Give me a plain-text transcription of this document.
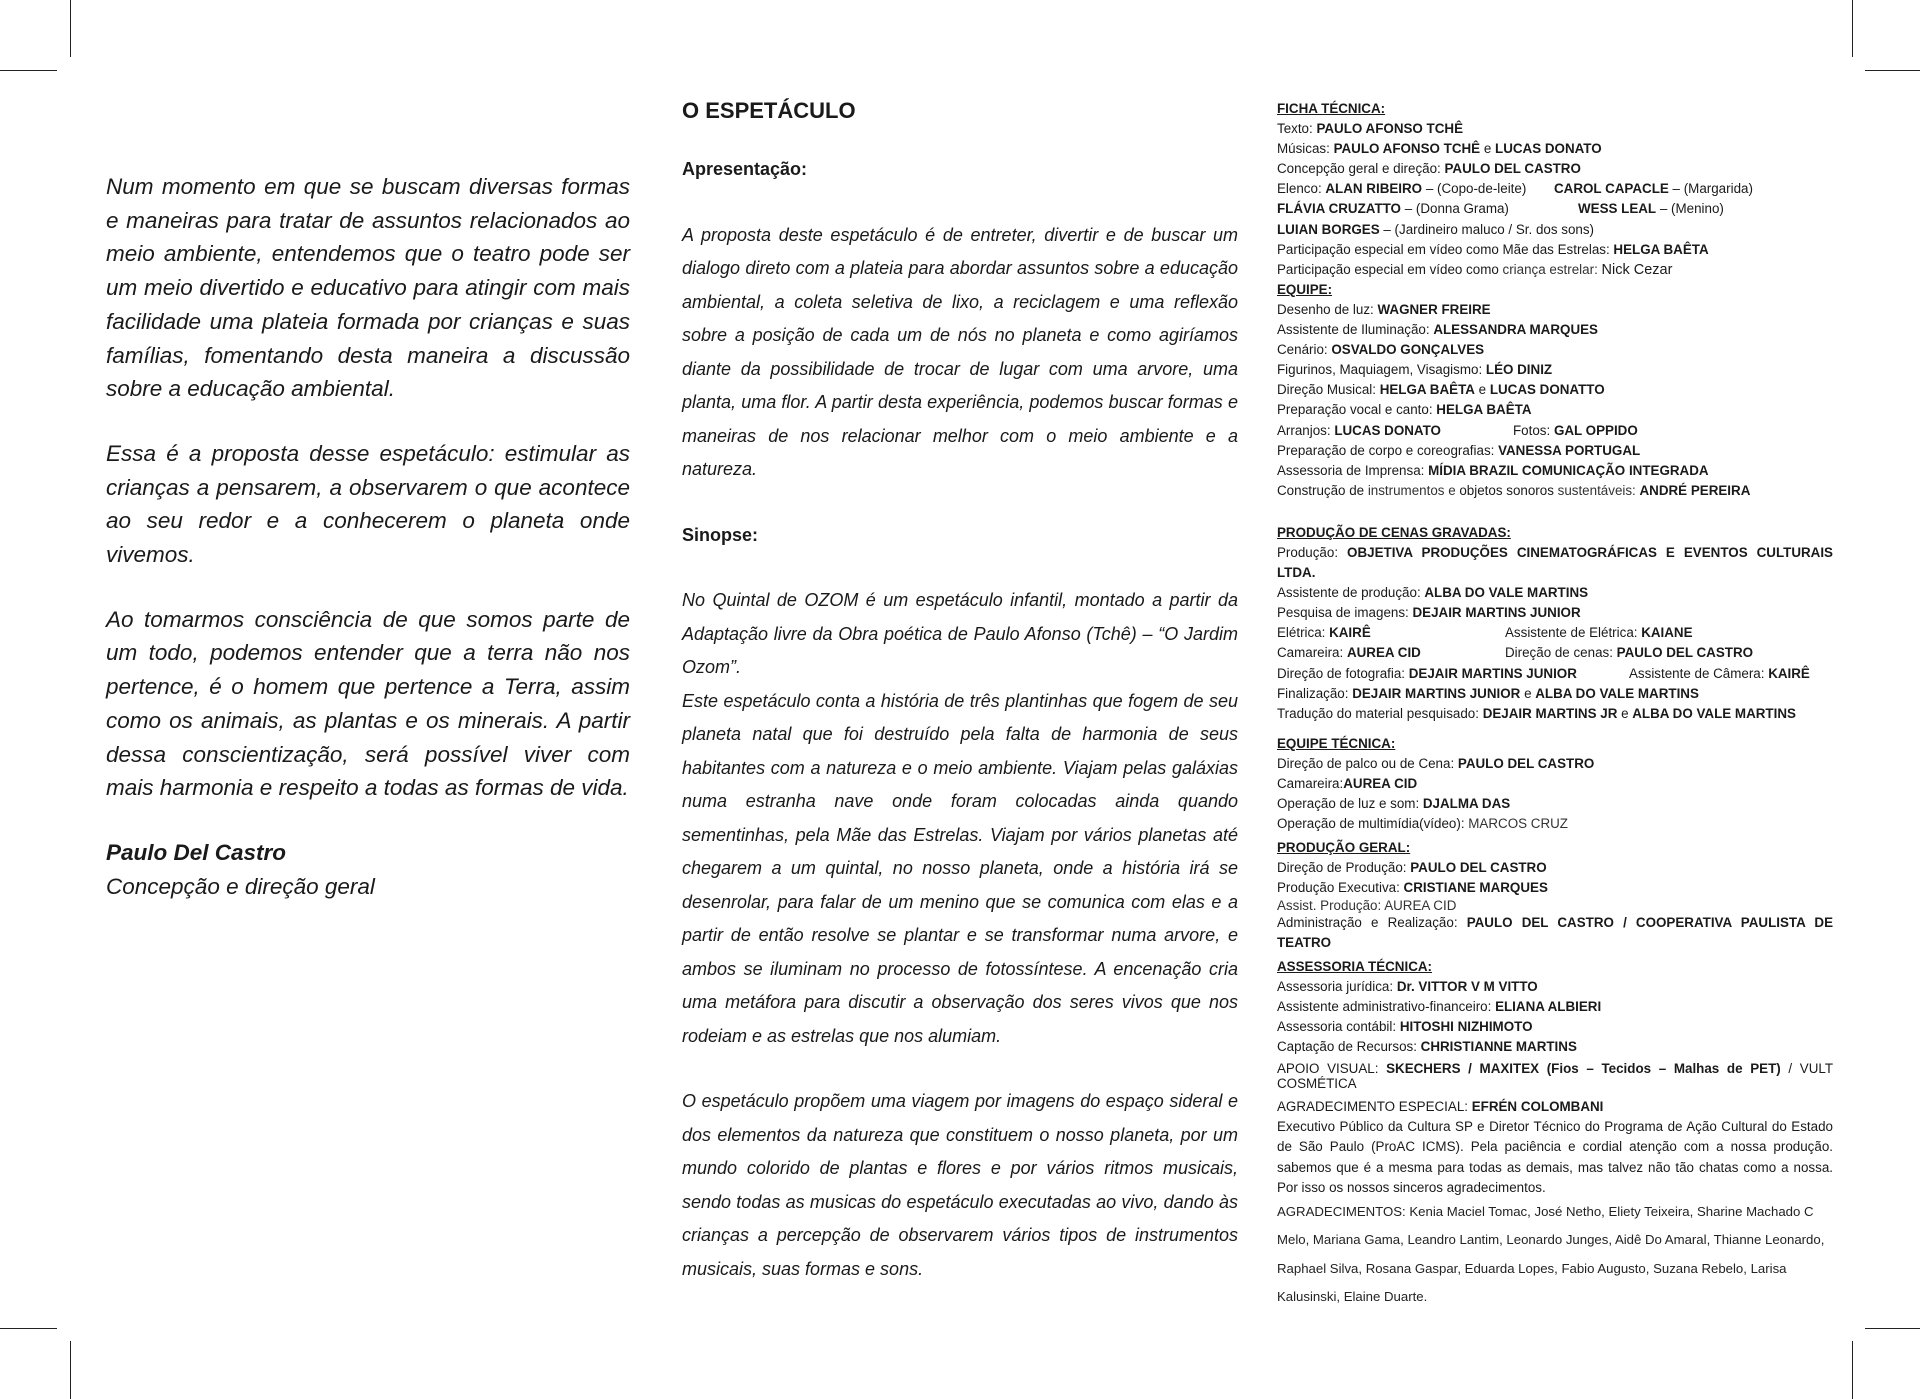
Num momento em que se buscam diversas formas e maneiras para tratar de assuntos relacionados ao meio ambiente, entendemos que o teatro pode ser um meio divertido e educativo para atingir com mais facilidade uma plateia formada por crianças e suas famílias, fomentando desta maneira a discussão sobre a educação ambiental.

Essa é a proposta desse espetáculo: estimular as crianças a pensarem, a observarem o que acontece ao seu redor e a conhecerem o planeta onde vivemos.

Ao tomarmos consciência de que somos parte de um todo, podemos entender que a terra não nos pertence, é o homem que pertence a Terra, assim como os animais, as plantas e os minerais. A partir dessa conscientização, será possível viver com mais harmonia e respeito a todas as formas de vida.

Paulo Del Castro
Concepção e direção geral
O ESPETÁCULO
Apresentação:

A proposta deste espetáculo é de entreter, divertir e de buscar um dialogo direto com a plateia para abordar assuntos sobre a educação ambiental, a coleta seletiva de lixo, a reciclagem e uma reflexão sobre a posição de cada um de nós no planeta e como agiríamos diante da possibilidade de trocar de lugar com uma arvore, uma planta, uma flor. A partir desta experiência, podemos buscar formas e maneiras de nos relacionar melhor com o meio ambiente e a natureza.

Sinopse:

No Quintal de OZOM é um espetáculo infantil, montado a partir da Adaptação livre da Obra poética de Paulo Afonso (Tchê) – “O Jardim Ozom”.

Este espetáculo conta a história de três plantinhas que fogem de seu planeta natal que foi destruído pela falta de harmonia de seus habitantes com a natureza e o meio ambiente. Viajam pelas galáxias numa estranha nave onde foram colocadas ainda quando sementinhas, pela Mãe das Estrelas. Viajam por vários planetas até chegarem a um quintal, no nosso planeta, onde a história irá se desenrolar, para falar de um menino que se comunica com elas e a partir de então resolve se plantar e se transformar numa arvore, e ambos se iluminam no processo de fotossíntese. A encenação cria uma metáfora para discutir a observação dos seres vivos que nos rodeiam e as estrelas que nos alumiam.

O espetáculo propõem uma viagem por imagens do espaço sideral e dos elementos da natureza que constituem o nosso planeta, por um mundo colorido de plantas e flores e por vários ritmos musicais, sendo todas as musicas do espetáculo executadas ao vivo, dando às crianças a percepção de observarem vários tipos de instrumentos musicais, suas formas e sons.

FICHA TÉCNICA:
Texto: PAULO AFONSO TCHÊ
Músicas: PAULO AFONSO TCHÊ e LUCAS DONATO
Concepção geral e direção: PAULO DEL CASTRO
Elenco: ALAN RIBEIRO – (Copo-de-leite) CAROL CAPACLE – (Margarida)
FLÁVIA CRUZATTO – (Donna Grama)	WESS LEAL – (Menino)
LUIAN BORGES – (Jardineiro maluco / Sr. dos sons)
Participação especial em vídeo como Mãe das Estrelas: HELGA BAÊTA
Participação especial em vídeo como criança estrelar: Nick Cezar
EQUIPE:
Desenho de luz: WAGNER FREIRE
Assistente de Iluminação: ALESSANDRA MARQUES
Cenário: OSVALDO GONÇALVES
Figurinos, Maquiagem, Visagismo: LÉO DINIZ
Direção Musical: HELGA BAÊTA e LUCAS DONATTO
Preparação vocal e canto: HELGA BAÊTA
Arranjos: LUCAS DONATO	Fotos: GAL OPPIDO
Preparação de corpo e coreografias: VANESSA PORTUGAL
Assessoria de Imprensa: MÍDIA BRAZIL COMUNICAÇÃO INTEGRADA
Construção de instrumentos e objetos sonoros sustentáveis: ANDRÉ PEREIRA
PRODUÇÃO DE CENAS GRAVADAS:
Produção: OBJETIVA PRODUÇÕES CINEMATOGRÁFICAS E EVENTOS CULTURAIS LTDA.
Assistente de produção: ALBA DO VALE MARTINS
Pesquisa de imagens: DEJAIR MARTINS JUNIOR
Elétrica: KAIRÊ	Assistente de Elétrica: KAIANE
Camareira: AUREA CID	Direção de cenas: PAULO DEL CASTRO
Direção de fotografia: DEJAIR MARTINS JUNIOR	Assistente de Câmera: KAIRÊ
Finalização: DEJAIR MARTINS JUNIOR e ALBA DO VALE MARTINS
Tradução do material pesquisado: DEJAIR MARTINS JR e ALBA DO VALE MARTINS
EQUIPE TÉCNICA:
Direção de palco ou de Cena: PAULO DEL CASTRO
Camareira:AUREA CID
Operação de luz e som: DJALMA DAS
Operação de multimídia(vídeo): MARCOS CRUZ
PRODUÇÃO GERAL:
Direção de Produção: PAULO DEL CASTRO
Produção Executiva: CRISTIANE MARQUES
Assist. Produção: AUREA CID
Administração e Realização: PAULO DEL CASTRO / COOPERATIVA PAULISTA DE TEATRO
ASSESSORIA TÉCNICA:
Assessoria jurídica: Dr. VITTOR V M VITTO
Assistente administrativo-financeiro: ELIANA ALBIERI
Assessoria contábil: HITOSHI NIZHIMOTO
Captação de Recursos: CHRISTIANNE MARTINS
APOIO VISUAL: SKECHERS / MAXITEX (Fios – Tecidos – Malhas de PET) / VULT COSMÉTICA
AGRADECIMENTO ESPECIAL: EFRÉN COLOMBANI
Executivo Público da Cultura SP e Diretor Técnico do Programa de Ação Cultural do Estado de São Paulo (ProAC ICMS). Pela paciência e cordial atenção com a nossa produção. sabemos que é a mesma para todas as demais, mas talvez não tão chatas como a nossa. Por isso os nossos sinceros agradecimentos.
AGRADECIMENTOS: Kenia Maciel Tomac, José Netho, Eliety Teixeira, Sharine Machado C Melo, Mariana Gama, Leandro Lantim, Leonardo Junges, Aidê Do Amaral, Thianne Leonardo, Raphael Silva, Rosana Gaspar, Eduarda Lopes, Fabio Augusto, Suzana Rebelo, Larisa Kalusinski, Elaine Duarte.
